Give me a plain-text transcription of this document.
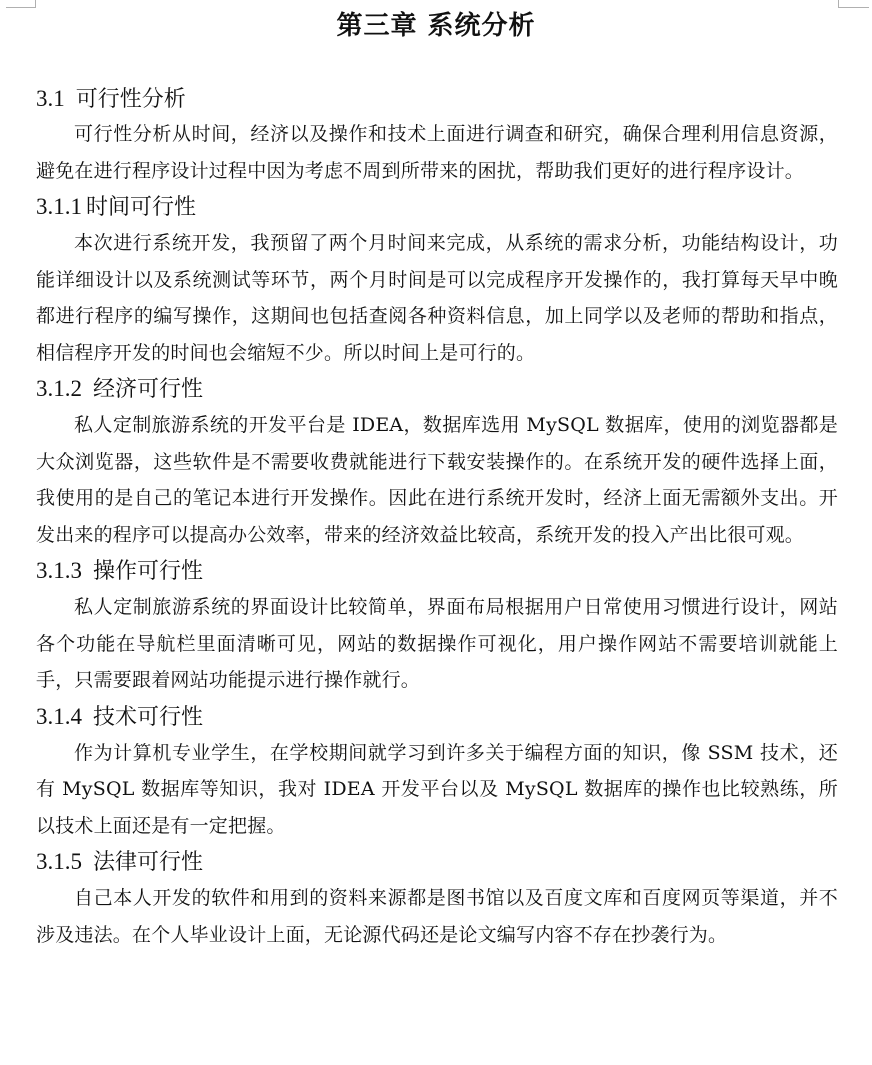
第三章 系统分析
3.1 可行性分析

可行性分析从时间，经济以及操作和技术上面进行调查和研究，确保合理利用信息资源，避免在进行程序设计过程中因为考虑不周到所带来的困扰，帮助我们更好的进行程序设计。

3.1.1 时间可行性

本次进行系统开发，我预留了两个月时间来完成，从系统的需求分析，功能结构设计，功能详细设计以及系统测试等环节，两个月时间是可以完成程序开发操作的，我打算每天早中晚都进行程序的编写操作，这期间也包括查阅各种资料信息，加上同学以及老师的帮助和指点，相信程序开发的时间也会缩短不少。所以时间上是可行的。

3.1.2 经济可行性

私人定制旅游系统的开发平台是 IDEA，数据库选用 MySQL 数据库，使用的浏览器都是大众浏览器，这些软件是不需要收费就能进行下载安装操作的。在系统开发的硬件选择上面，我使用的是自己的笔记本进行开发操作。因此在进行系统开发时，经济上面无需额外支出。开发出来的程序可以提高办公效率，带来的经济效益比较高，系统开发的投入产出比很可观。

3.1.3 操作可行性

私人定制旅游系统的界面设计比较简单，界面布局根据用户日常使用习惯进行设计，网站各个功能在导航栏里面清晰可见，网站的数据操作可视化，用户操作网站不需要培训就能上手，只需要跟着网站功能提示进行操作就行。

3.1.4 技术可行性

作为计算机专业学生，在学校期间就学习到许多关于编程方面的知识，像 SSM 技术，还有 MySQL 数据库等知识，我对 IDEA 开发平台以及 MySQL 数据库的操作也比较熟练，所以技术上面还是有一定把握。

3.1.5 法律可行性

自己本人开发的软件和用到的资料来源都是图书馆以及百度文库和百度网页等渠道，并不涉及违法。在个人毕业设计上面，无论源代码还是论文编写内容不存在抄袭行为。
